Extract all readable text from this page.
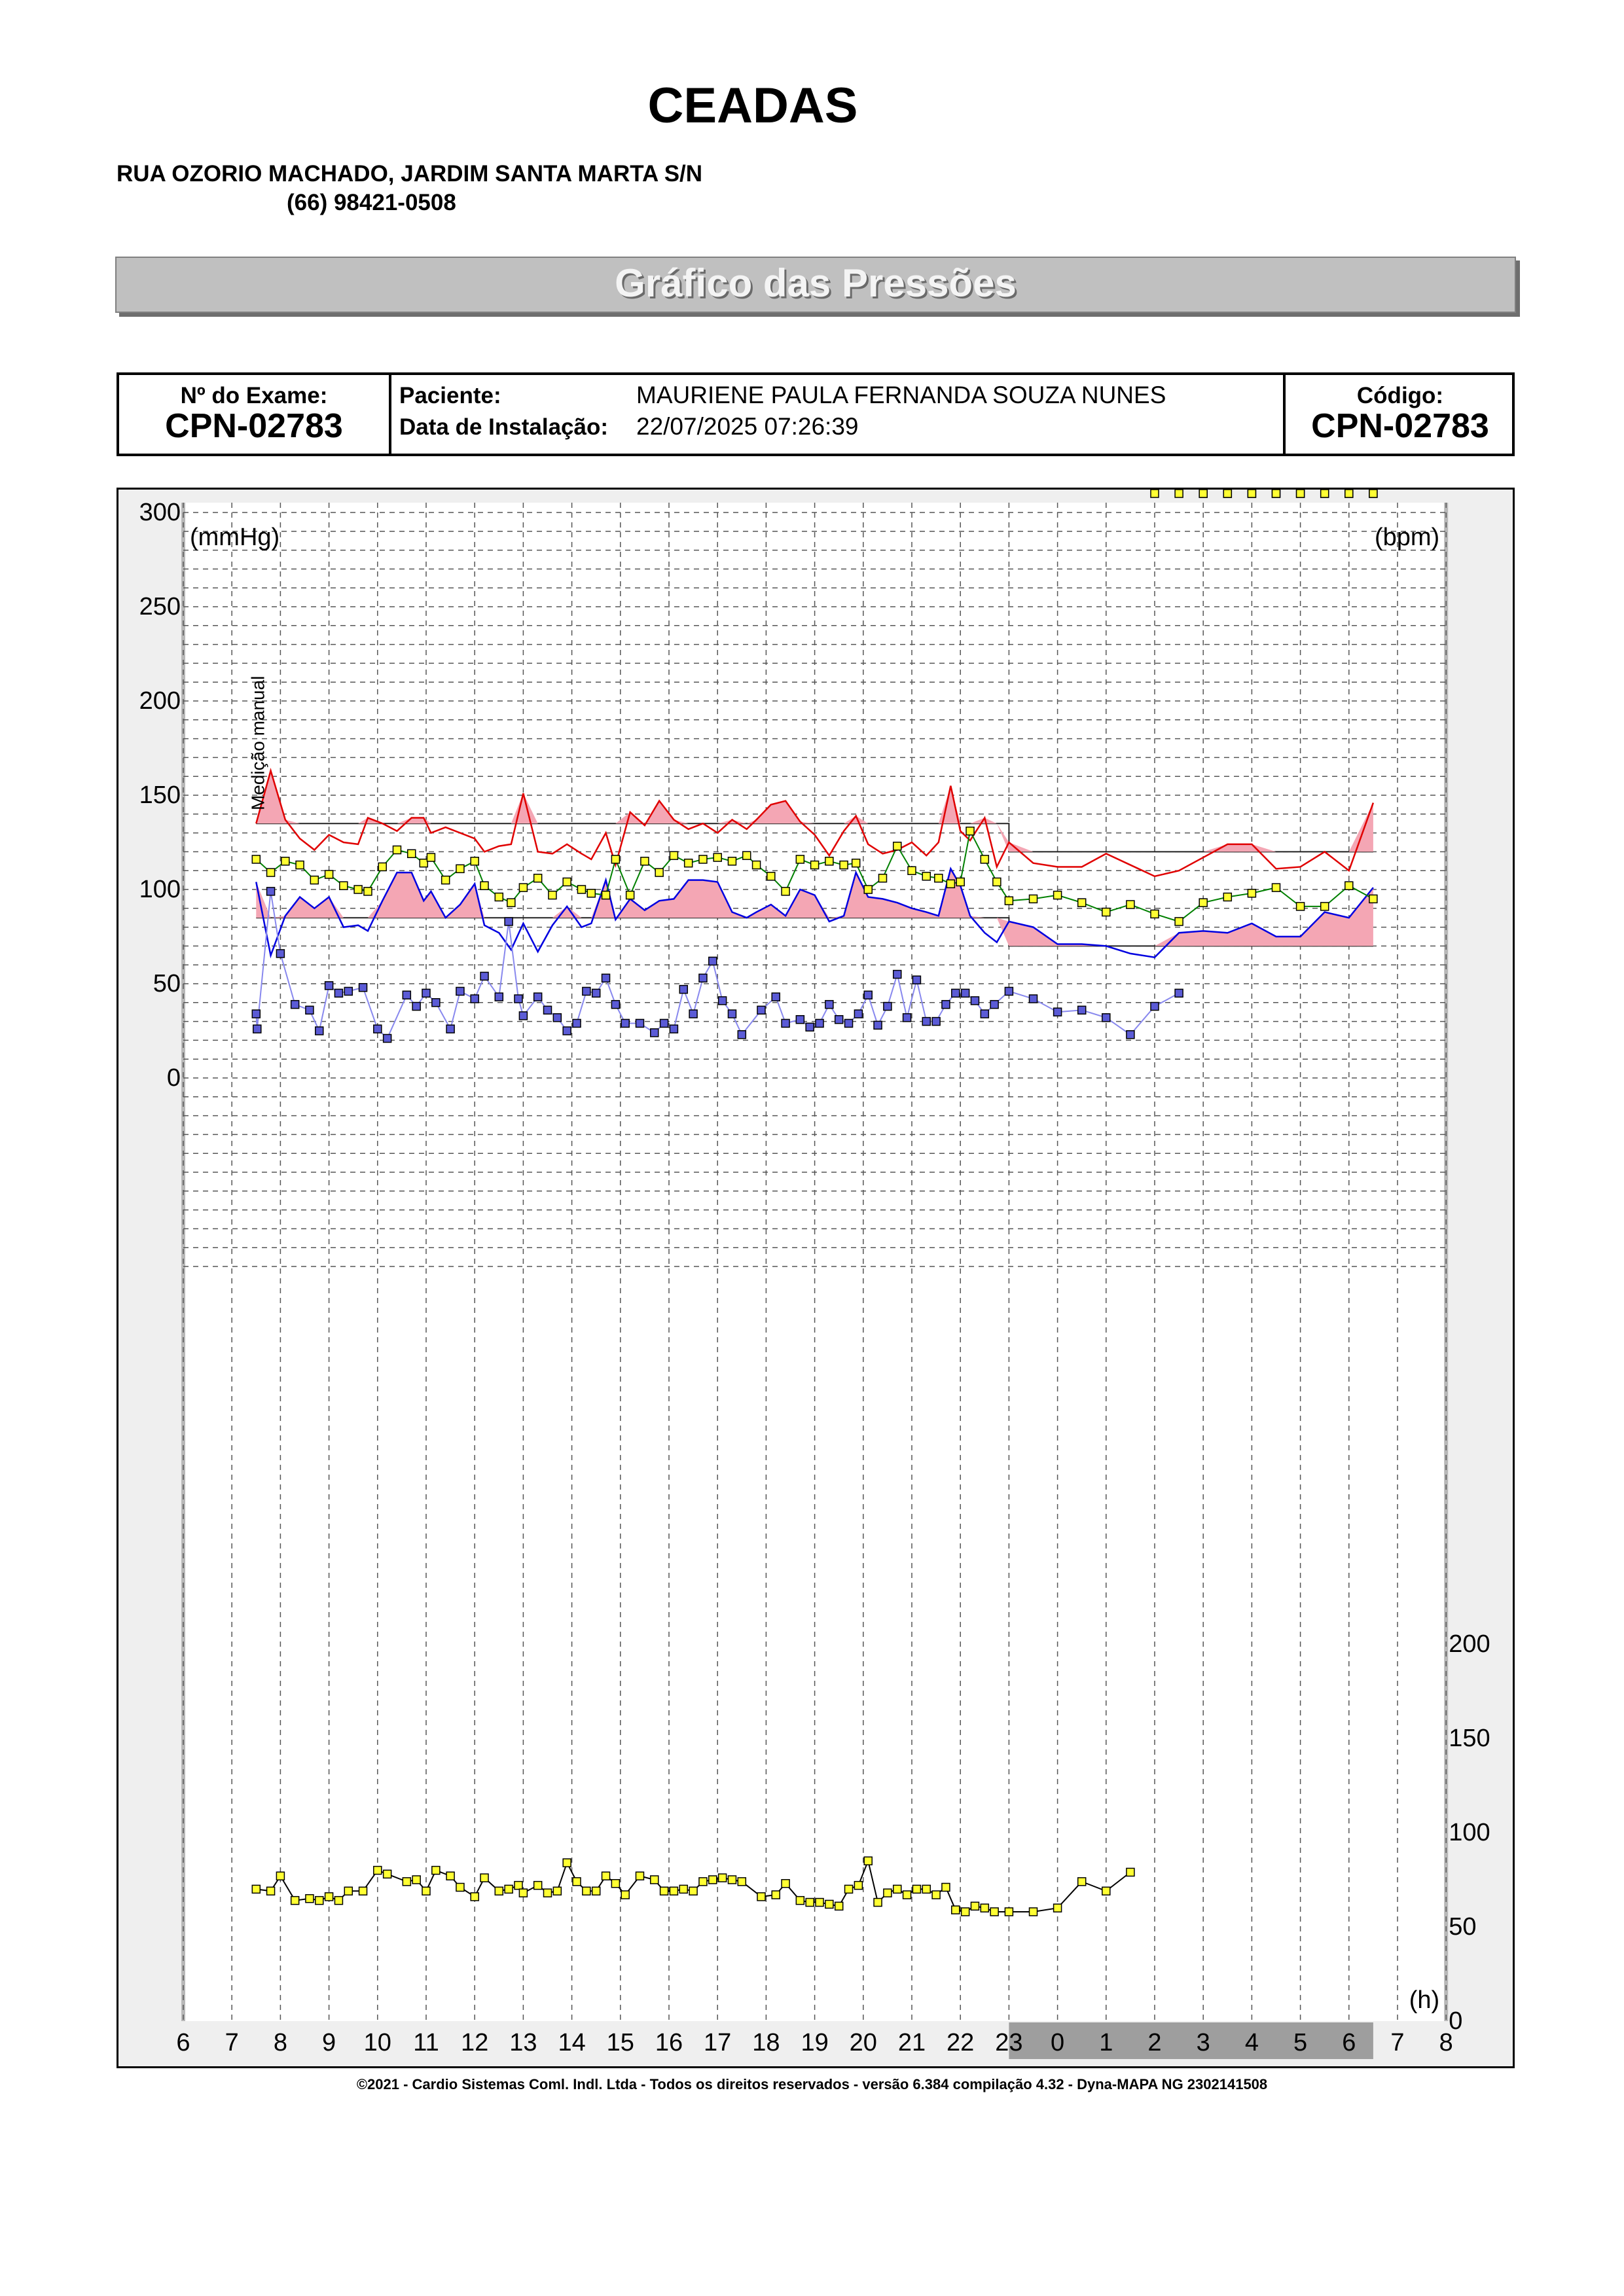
CEADAS
RUA OZORIO MACHADO, JARDIM SANTA MARTA S/N
(66) 98421-0508
Gráfico das Pressões
Nº do Exame:
CPN-02783
Paciente:	MAURIENE PAULA FERNANDA SOUZA NUNES
Data de Instalação: 22/07/2025 07:26:39
Código:
CPN-02783
Medição manual
(mmHg)	(bpm)
(h)
300
250
200
150
100
50
0
200
150
100
50
0
6 7 8 9 10 11 12 13 14 15 16 17 18 19 20 21 22 23 0 1 2 3 4 5 6 7 8
©2021 - Cardio Sistemas Coml. Indl. Ltda - Todos os direitos reservados - versão 6.384 compilação 4.32 - Dyna-MAPA NG 2302141508
